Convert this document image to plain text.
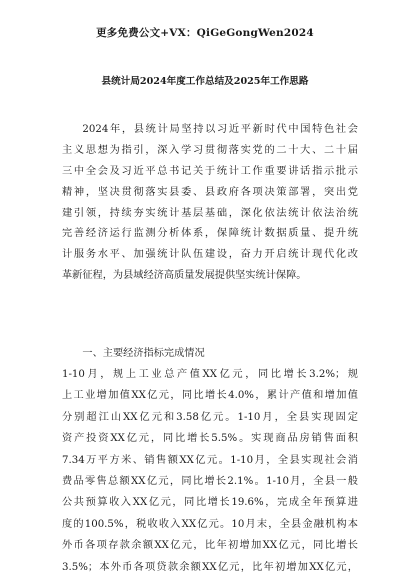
更多免费公文+VX：QiGeGongWen2024
县统计局2024年度工作总结及2025年工作思路
2024年，县统计局坚持以习近平新时代中国特色社会
主义思想为指引，深入学习贯彻落实党的二十大、二十届
三中全会及习近平总书记关于统计工作重要讲话指示批示
精神，坚决贯彻落实县委、县政府各项决策部署，突出党
建引领，持续夯实统计基层基础，深化依法统计依法治统
完善经济运行监测分析体系，保障统计数据质量、提升统
计服务水平、加强统计队伍建设，奋力开启统计现代化改
革新征程，为县域经济高质量发展提供坚实统计保障。
一、主要经济指标完成情况
1-10月，规上工业总产值XX亿元，同比增长3.2%；规
上工业增加值XX亿元，同比增长4.0%，累计产值和增加值
分别超江山XX亿元和3.58亿元。1-10月，全县实现固定
资产投资XX亿元，同比增长5.5%。实现商品房销售面积
7.34万平方米、销售额XX亿元。1-10月，全县实现社会消
费品零售总额XX亿元，同比增长2.1%。1-10月，全县一般
公共预算收入XX亿元，同比增长19.6%，完成全年预算进
度的100.5%，税收收入XX亿元。10月末，全县金融机构本
外币各项存款余额XX亿元，比年初增加XX亿元，同比增长
3.5%；本外币各项贷款余额XX亿元，比年初增加XX亿元，
